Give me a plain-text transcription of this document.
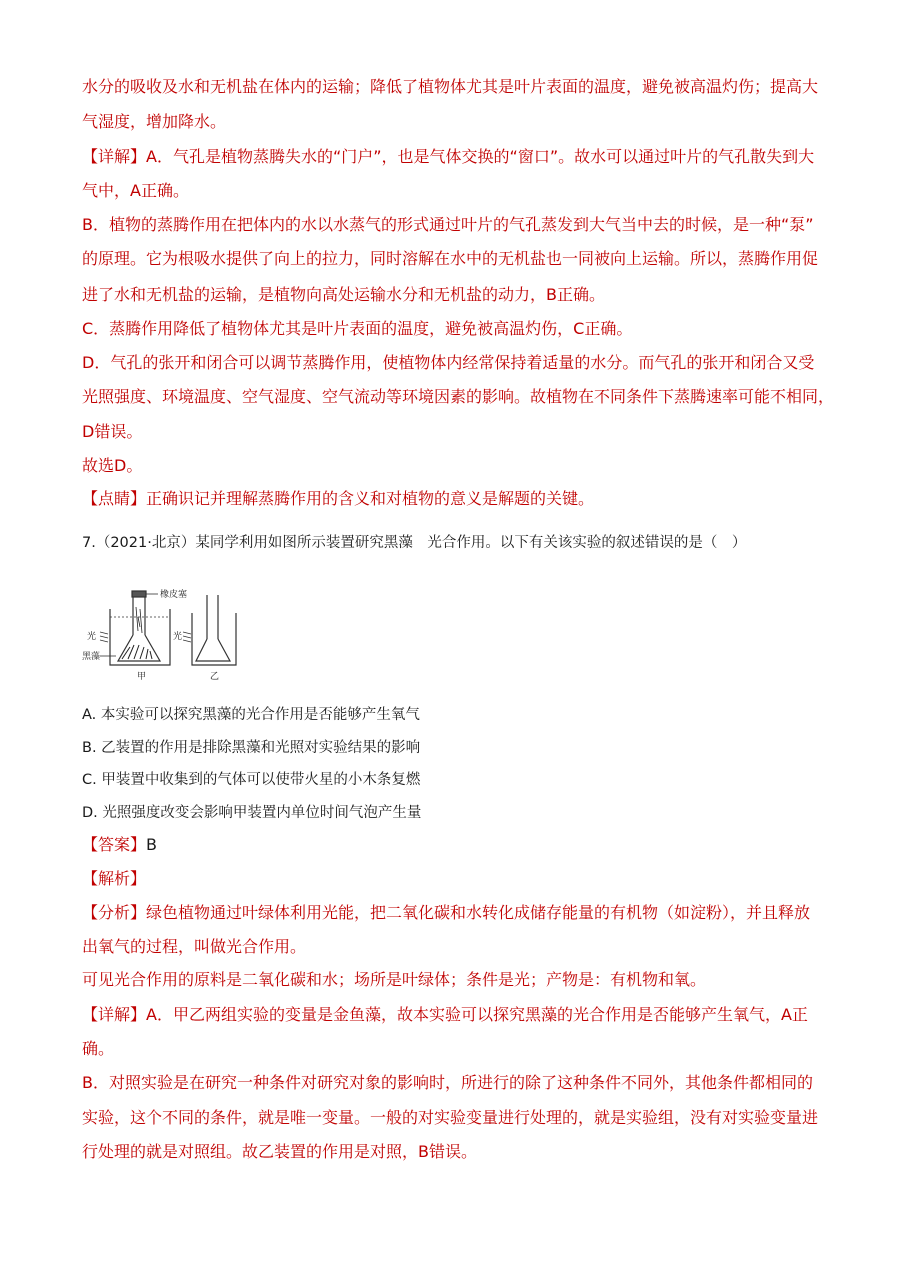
水分的吸收及水和无机盐在体内的运输；降低了植物体尤其是叶片表面的温度，避免被高温灼伤；提高大
气湿度，增加降水。
【详解】A．气孔是植物蒸腾失水的“门户”，也是气体交换的“窗口”。故水可以通过叶片的气孔散失到大
气中，A正确。
B．植物的蒸腾作用在把体内的水以水蒸气的形式通过叶片的气孔蒸发到大气当中去的时候，是一种“泵”
的原理。它为根吸水提供了向上的拉力，同时溶解在水中的无机盐也一同被向上运输。所以，蒸腾作用促
进了水和无机盐的运输，是植物向高处运输水分和无机盐的动力，B正确。
C．蒸腾作用降低了植物体尤其是叶片表面的温度，避免被高温灼伤，C正确。
D．气孔的张开和闭合可以调节蒸腾作用，使植物体内经常保持着适量的水分。而气孔的张开和闭合又受
光照强度、环境温度、空气湿度、空气流动等环境因素的影响。故植物在不同条件下蒸腾速率可能不相同，
D错误。
故选D。
【点睛】正确识记并理解蒸腾作用的含义和对植物的意义是解题的关键。
7.（2021·北京）某同学利用如图所示装置研究黑藻　光合作用。以下有关该实验的叙述错误的是（　）
橡皮塞
光
黑藻
光
甲	乙
A. 本实验可以探究黑藻的光合作用是否能够产生氧气
B. 乙装置的作用是排除黑藻和光照对实验结果的影响
C. 甲装置中收集到的气体可以使带火星的小木条复燃
D. 光照强度改变会影响甲装置内单位时间气泡产生量
【答案】B
【解析】
【分析】绿色植物通过叶绿体利用光能，把二氧化碳和水转化成储存能量的有机物（如淀粉），并且释放
出氧气的过程，叫做光合作用。
可见光合作用的原料是二氧化碳和水；场所是叶绿体；条件是光；产物是：有机物和氧。
【详解】A．甲乙两组实验的变量是金鱼藻，故本实验可以探究黑藻的光合作用是否能够产生氧气，A正
确。
B．对照实验是在研究一种条件对研究对象的影响时，所进行的除了这种条件不同外，其他条件都相同的
实验，这个不同的条件，就是唯一变量。一般的对实验变量进行处理的，就是实验组，没有对实验变量进
行处理的就是对照组。故乙装置的作用是对照，B错误。
